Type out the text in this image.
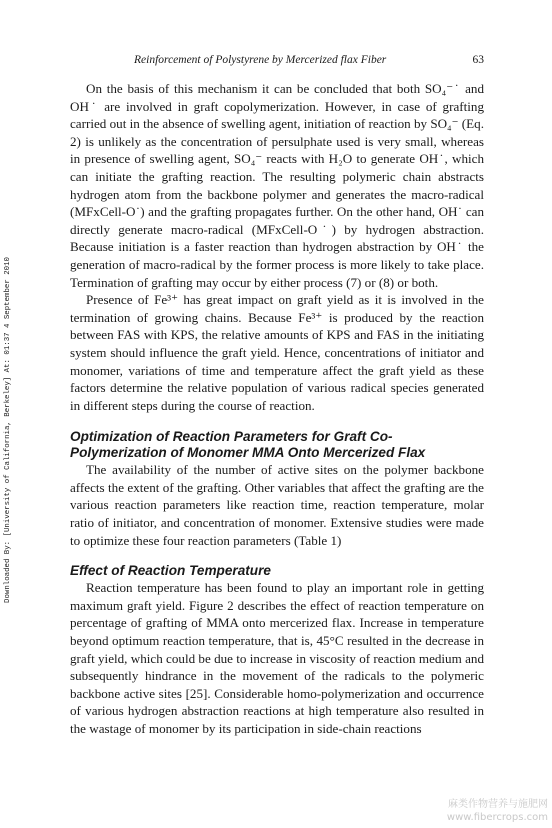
Reinforcement of Polystyrene by Mercerized flax Fiber	63
Downloaded By: [University of California, Berkeley] At: 01:37 4 September 2010

On the basis of this mechanism it can be concluded that both SO₄⁻˙ and OH˙ are involved in graft copolymerization. However, in case of grafting carried out in the absence of swelling agent, initiation of reaction by SO₄⁻ (Eq. 2) is unlikely as the concentration of persulphate used is very small, whereas in presence of swelling agent, SO₄⁻ reacts with H₂O to generate OH˙, which can initiate the grafting reaction. The resulting polymeric chain abstracts hydrogen atom from the backbone polymer and generates the macro-radical (MFxCell-O˙) and the grafting propagates further. On the other hand, OH˙ can directly generate macro-radical (MFxCell-O˙) by hydrogen abstraction. Because initiation is a faster reaction than hydrogen abstraction by OH˙ the generation of macro-radical by the former process is more likely to take place. Termination of grafting may occur by either process (7) or (8) or both.

Presence of Fe³⁺ has great impact on graft yield as it is involved in the termination of growing chains. Because Fe³⁺ is produced by the reaction between FAS with KPS, the relative amounts of KPS and FAS in the initiating system should influence the graft yield. Hence, concentrations of initiator and monomer, variations of time and temperature affect the graft yield as these factors determine the relative population of various radical species generated in different steps during the course of reaction.

Optimization of Reaction Parameters for Graft Co-Polymerization of Monomer MMA Onto Mercerized Flax

The availability of the number of active sites on the polymer backbone affects the extent of the grafting. Other variables that affect the grafting are the various reaction parameters like reaction time, reaction temperature, molar ratio of initiator, and concentration of monomer. Extensive studies were made to optimize these four reaction parameters (Table 1)

Effect of Reaction Temperature

Reaction temperature has been found to play an important role in getting maximum graft yield. Figure 2 describes the effect of reaction temperature on percentage of grafting of MMA onto mercerized flax. Increase in temperature beyond optimum reaction temperature, that is, 45°C resulted in the decrease in graft yield, which could be due to increase in viscosity of reaction medium and subsequently hindrance in the movement of the radicals to the polymeric backbone active sites [25]. Considerable homo-polymerization and occurrence of various hydrogen abstraction reactions at high temperature also resulted in the wastage of monomer by its participation in side-chain reactions

麻类作物营养与施肥网
www.fibercrops.com
